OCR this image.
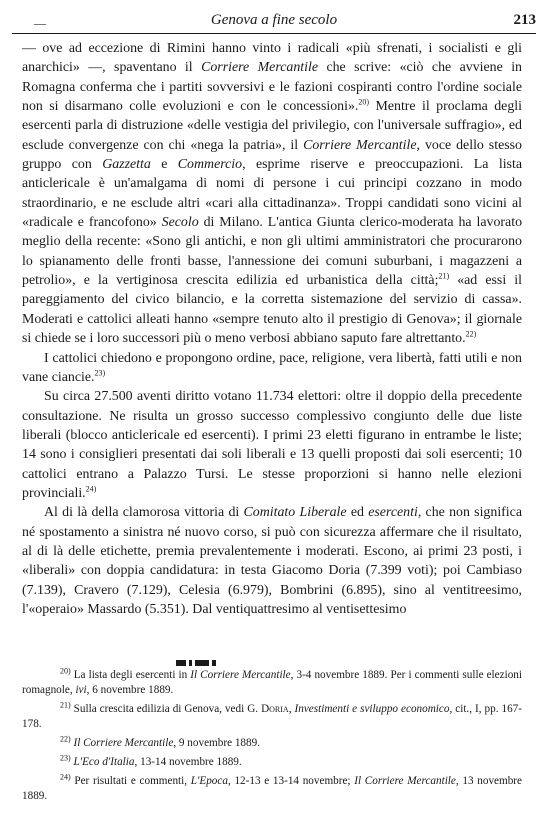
—	Genova a fine secolo	213

— ove ad eccezione di Rimini hanno vinto i radicali «più sfrenati, i socialisti e gli anarchici» —, spaventano il Corriere Mercantile che scrive: «ciò che avviene in Romagna conferma che i partiti sovversivi e le fazioni cospiranti contro l'ordine sociale non si disarmano colle evoluzioni e con le concessioni».$^{20)}$ Mentre il proclama degli esercenti parla di distruzione «delle vestigia del privilegio, con l'universale suffragio», ed esclude convergenze con chi «nega la patria», il Corriere Mercantile, voce dello stesso gruppo con Gazzetta e Commercio, esprime riserve e preoccupazioni. La lista anticlericale è un'amalgama di nomi di persone i cui principi cozzano in modo straordinario, e ne esclude altri «cari alla cittadinanza». Troppi candidati sono vicini al «radicale e francofono» Secolo di Milano. L'antica Giunta clerico-moderata ha lavorato meglio della recente: «Sono gli antichi, e non gli ultimi amministratori che procurarono lo spianamento delle fronti basse, l'annessione dei comuni suburbani, i magazzeni a petrolio», e la vertiginosa crescita edilizia ed urbanistica della città;$^{21)}$ «ad essi il pareggiamento del civico bilancio, e la corretta sistemazione del servizio di cassa». Moderati e cattolici alleati hanno «sempre tenuto alto il prestigio di Genova»; il giornale si chiede se i loro successori più o meno verbosi abbiano saputo fare altrettanto.$^{22)}$

I cattolici chiedono e propongono ordine, pace, religione, vera libertà, fatti utili e non vane ciancie.$^{23)}$

Su circa 27.500 aventi diritto votano 11.734 elettori: oltre il doppio della precedente consultazione. Ne risulta un grosso successo complessivo congiunto delle due liste liberali (blocco anticlericale ed esercenti). I primi 23 eletti figurano in entrambe le liste; 14 sono i consiglieri presentati dai soli liberali e 13 quelli proposti dai soli esercenti; 10 cattolici entrano a Palazzo Tursi. Le stesse proporzioni si hanno nelle elezioni provinciali.$^{24)}$

Al di là della clamorosa vittoria di Comitato Liberale ed esercenti, che non significa né spostamento a sinistra né nuovo corso, si può con sicurezza affermare che il risultato, al di là delle etichette, premia prevalentemente i moderati. Escono, ai primi 23 posti, i «liberali» con doppia candidatura: in testa Giacomo Doria (7.399 voti); poi Cambiaso (7.139), Cravero (7.129), Celesia (6.979), Bombrini (6.895), sino al ventitreesimo, l'«operaio» Massardo (5.351). Dal ventiquattresimo al ventisettesimo

$^{20)}$ La lista degli esercenti in Il Corriere Mercantile, 3-4 novembre 1889. Per i commenti sulle elezioni romagnole, ivi, 6 novembre 1889.

$^{21)}$ Sulla crescita edilizia di Genova, vedi G. Doria, Investimenti e sviluppo economico, cit., I, pp. 167-178.

$^{22)}$ Il Corriere Mercantile, 9 novembre 1889.

$^{23)}$ L'Eco d'Italia, 13-14 novembre 1889.

$^{24)}$ Per risultati e commenti, L'Epoca, 12-13 e 13-14 novembre; Il Corriere Mercantile, 13 novembre 1889.
